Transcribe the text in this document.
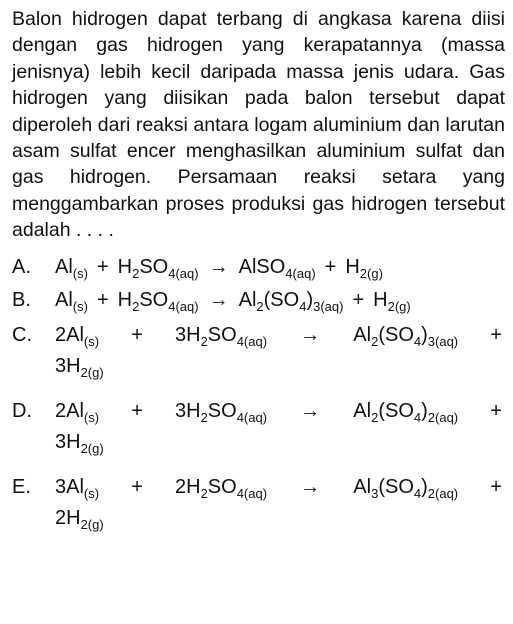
Balon hidrogen dapat terbang di angkasa karena diisi dengan gas hidrogen yang kerapatannya (massa jenisnya) lebih kecil daripada massa jenis udara. Gas hidrogen yang diisikan pada balon tersebut dapat diperoleh dari reaksi antara logam aluminium dan larutan asam sulfat encer menghasilkan aluminium sulfat dan gas hidrogen. Persamaan reaksi setara yang menggambarkan proses produksi gas hidrogen tersebut adalah . . . .

A.	$Al_{(s)} + H_2SO_{4(aq)}$ → AlSO$_{4(aq)}$ + $H_{2(g)}$
B.	$Al_{(s)} + H_2SO_{4(aq)} \to Al_2(SO_4)_{3(aq)} + H_{2(g)}$
C.	$2Al_{(s)} + 3H_2SO_{4(aq)} \to Al_2(SO_4)_{3(aq)}$ +
$3H_{2(g)}$
D.	$2Al_{(s)} + 3H_2SO_{4(aq)} \to Al_2(SO_4)_{2(aq)}$ +
$3H_{2(g)}$
E.	$3Al_{(s)} + 2H_2SO_{4(aq)} \to Al_3(SO_4)_{2(aq)}$ +
$2H_{2(g)}$
